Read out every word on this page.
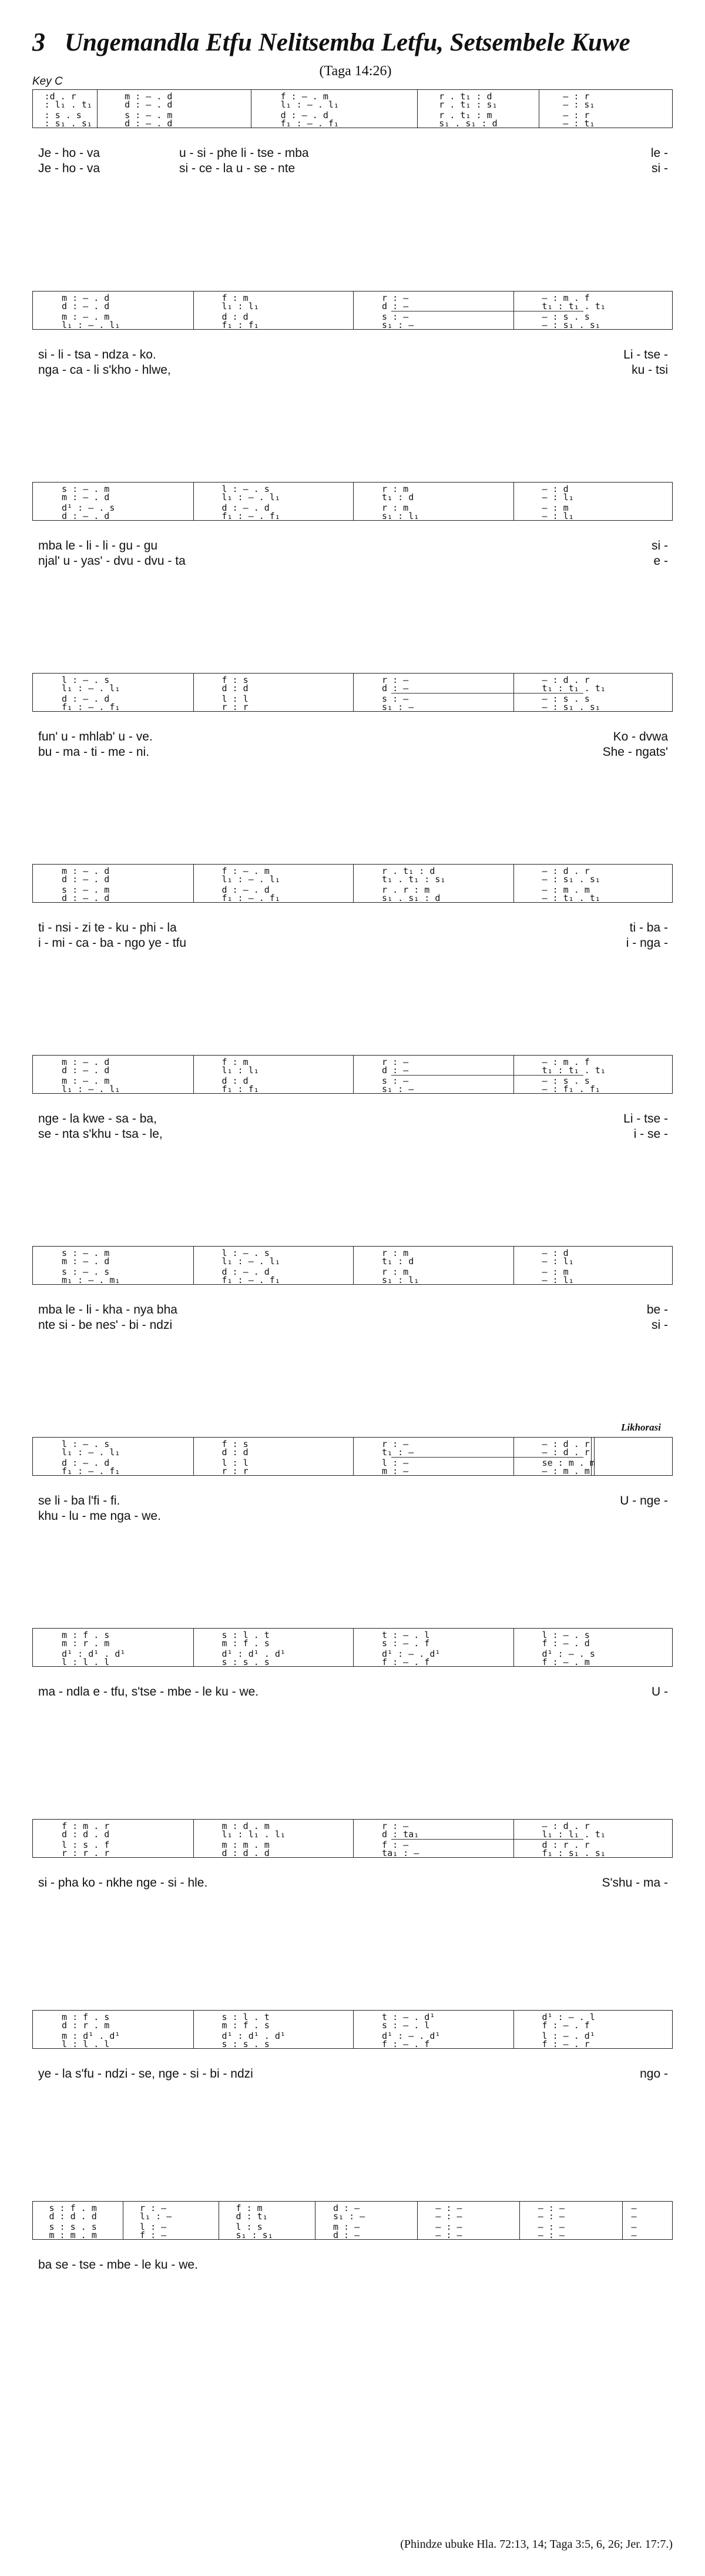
3 Ungemandla Etfu Nelitsemba Letfu, Setsembele Kuwe
(Taga 14:26)
Key C
:d . r	m : – . d	f : – . m	r . t₁ : d	— : r
: l₁ . t₁	d : – . d	l₁ : – . l₁	r . t₁ : s₁	— : s₁
: s . s	s : – . m	d : – . d	r . t₁ : m	— : r
: s₁ . s₁	d : – . d	f₁ : – . f₁	s₁ . s₁ : d	— : t₁
Je - ho - va	u - si - phe li - tse - mba	le -
Je - ho - va	si - ce - la u - se - nte	si -
m : – . d	f : m	r : —	— : m . f
d : – . d	l₁ : l₁	d : —	t₁ : t₁ . t₁
m : – . m	d : d	s : —	— : s . s
l₁ : – . l₁	f₁ : f₁	s₁ : —	— : s₁ . s₁
si - li - tsa - ndza - ko.	Li - tse -
nga - ca - li s'kho - hlwe,	ku - tsi
s : – . m	l : – . s	r : m	— : d
m : – . d	l₁ : – . l₁	t₁ : d	— : l₁
d¹ : – . s	d : – . d	r : m	— : m
d : – . d	f₁ : – . f₁	s₁ : l₁	— : l₁
mba le - li - li - gu - gu	si -
njal' u - yas' - dvu - dvu - ta	e -
l : – . s	f : s	r : —	— : d . r
l₁ : – . l₁	d : d	d : —	t₁ : t₁ . t₁
d : – . d	l : l	s : —	— : s . s
f₁ : – . f₁	r : r	s₁ : —	— : s₁ . s₁
fun' u - mhlab' u - ve.	Ko - dvwa
bu - ma - ti - me - ni.	She - ngats'
m : – . d	f : – . m	r . t₁ : d	— : d . r
d : – . d	l₁ : – . l₁	t₁ . t₁ : s₁	— : s₁ . s₁
s : – . m	d : – . d	r . r : m	— : m . m
d : – . d	f₁ : – . f₁	s₁ . s₁ : d	— : t₁ . t₁
ti - nsi - zi te - ku - phi - la	ti - ba -
i - mi - ca - ba - ngo ye - tfu	i - nga -
m : – . d	f : m	r : —	— : m . f
d : – . d	l₁ : l₁	d : —	t₁ : t₁ . t₁
m : – . m	d : d	s : —	— : s . s
l₁ : – . l₁	f₁ : f₁	s₁ : —	— : f₁ . f₁
nge - la kwe - sa - ba,	Li - tse -
se - nta s'khu - tsa - le,	i - se -
s : – . m	l : – . s	r : m	— : d
m : – . d	l₁ : – . l₁	t₁ : d	— : l₁
s : – . s	d : – . d	r : m	— : m
m₁ : – . m₁	f₁ : – . f₁	s₁ : l₁	— : l₁
mba le - li - kha - nya bha	be -
nte si - be nes' - bi - ndzi	si -
Likhorasi
l : – . s	f : s	r : —	— : d . r
l₁ : – . l₁	d : d	t₁ : —	— : d . r
d : – . d	l : l	l : —	se : m . m
f₁ : – . f₁	r : r	m : —	— : m . m
se li - ba l'fi - fi.	U - nge -
khu - lu - me nga - we.
m : f . s	s : l . t	t : – . l	l : – . s
m : r . m	m : f . s	s : – . f	f : – . d
d¹ : d¹ . d¹	d¹ : d¹ . d¹	d¹ : – . d¹	d¹ : – . s
l : l . l	s : s . s	f : – . f	f : – . m
ma - ndla e - tfu, s'tse - mbe - le ku - we.	U -
f : m . r	m : d . m	r : —	— : d . r
d : d . d	l₁ : l₁ . l₁	d : ta₁	l₁ : l₁ . t₁
l : s . f	m : m . m	f : —	d : r . r
r : r . r	d : d . d	ta₁ : —	f₁ : s₁ . s₁
si - pha ko - nkhe nge - si - hle.	S'shu - ma -
m : f . s	s : l . t	t : – . d¹	d¹ : – . l
d : r . m	m : f . s	s : – . l	f : – . f
m : d¹ . d¹	d¹ : d¹ . d¹	d¹ : – . d¹	l : – . d¹
l : l . l	s : s . s	f : – . f	f : – . r
ye - la s'fu - ndzi - se, nge - si - bi - ndzi	ngo -
s : f . m	r : —	f : m	d : —	— : —	— : —	—
d : d . d	l₁ : —	d : t₁	s₁ : —	— : —	— : —	—
s : s . s	l : —	l : s	m : —	— : —	— : —	—
m : m . m	f : —	s₁ : s₁	d : —	— : —	— : —	—
ba se - tse - mbe - le ku - we.
(Phindze ubuke Hla. 72:13, 14; Taga 3:5, 6, 26; Jer. 17:7.)
